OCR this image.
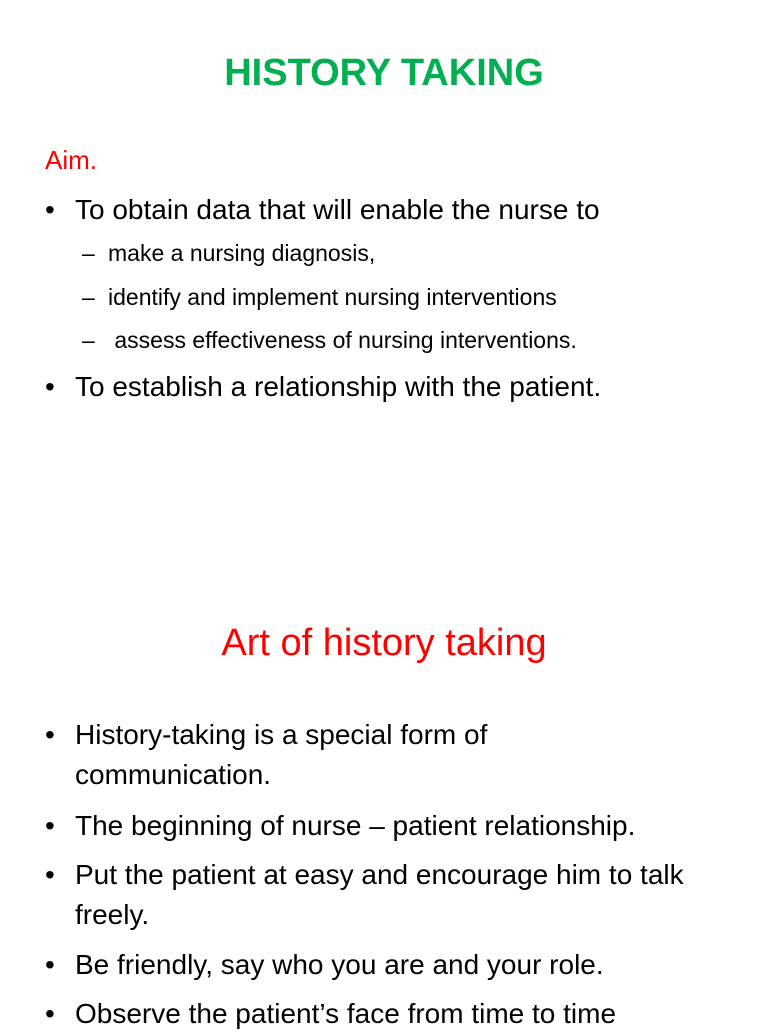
HISTORY TAKING
Aim.
• To obtain data that will enable the nurse to
– make a nursing diagnosis,
– identify and implement nursing interventions
– assess effectiveness of nursing interventions.
• To establish a relationship with the patient.
Art of history taking
• History-taking is a special form of communication.
• The beginning of nurse – patient relationship.
• Put the patient at easy and encourage him to talk freely.
• Be friendly, say who you are and your role.
• Observe the patient’s face from time to time
